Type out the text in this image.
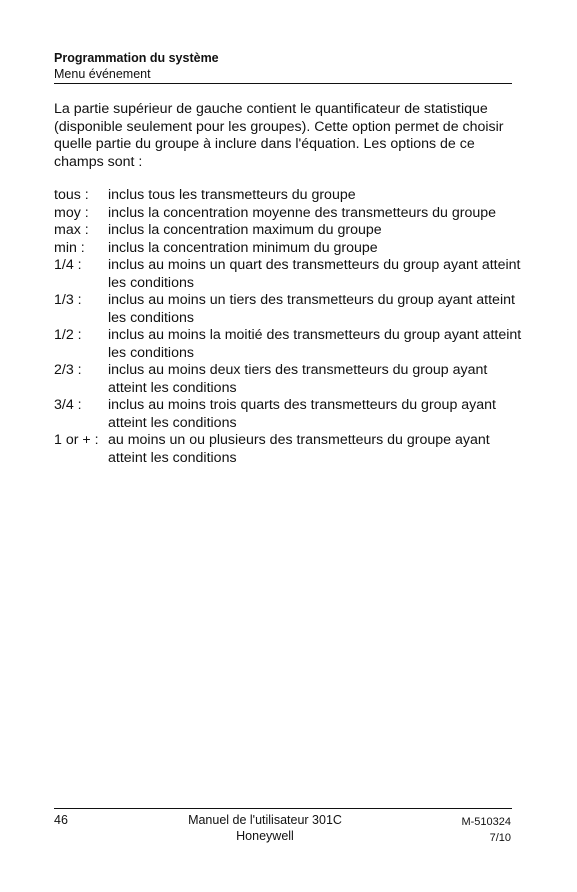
Programmation du système
Menu événement
La partie supérieur de gauche contient le quantificateur de statistique (disponible seulement pour les groupes). Cette option permet de choisir quelle partie du groupe à inclure dans l'équation. Les options de ce champs sont :
tous :	inclus tous les transmetteurs du groupe
moy :	inclus la concentration moyenne des transmetteurs du groupe
max :	inclus la concentration maximum du groupe
min :	inclus la concentration minimum du groupe
1/4 :	inclus au moins un quart des transmetteurs du group ayant atteint les conditions
1/3 :	inclus au moins un tiers des transmetteurs du group ayant atteint les conditions
1/2 :	inclus au moins la moitié des transmetteurs du group ayant atteint les conditions
2/3 :	inclus au moins deux tiers des transmetteurs du group ayant atteint les conditions
3/4 :	inclus au moins trois quarts des transmetteurs du group ayant atteint les conditions
1 or + : au moins un ou plusieurs des transmetteurs du groupe ayant atteint les conditions
46	Manuel de l'utilisateur 301C
Honeywell
M-510324
7/10
